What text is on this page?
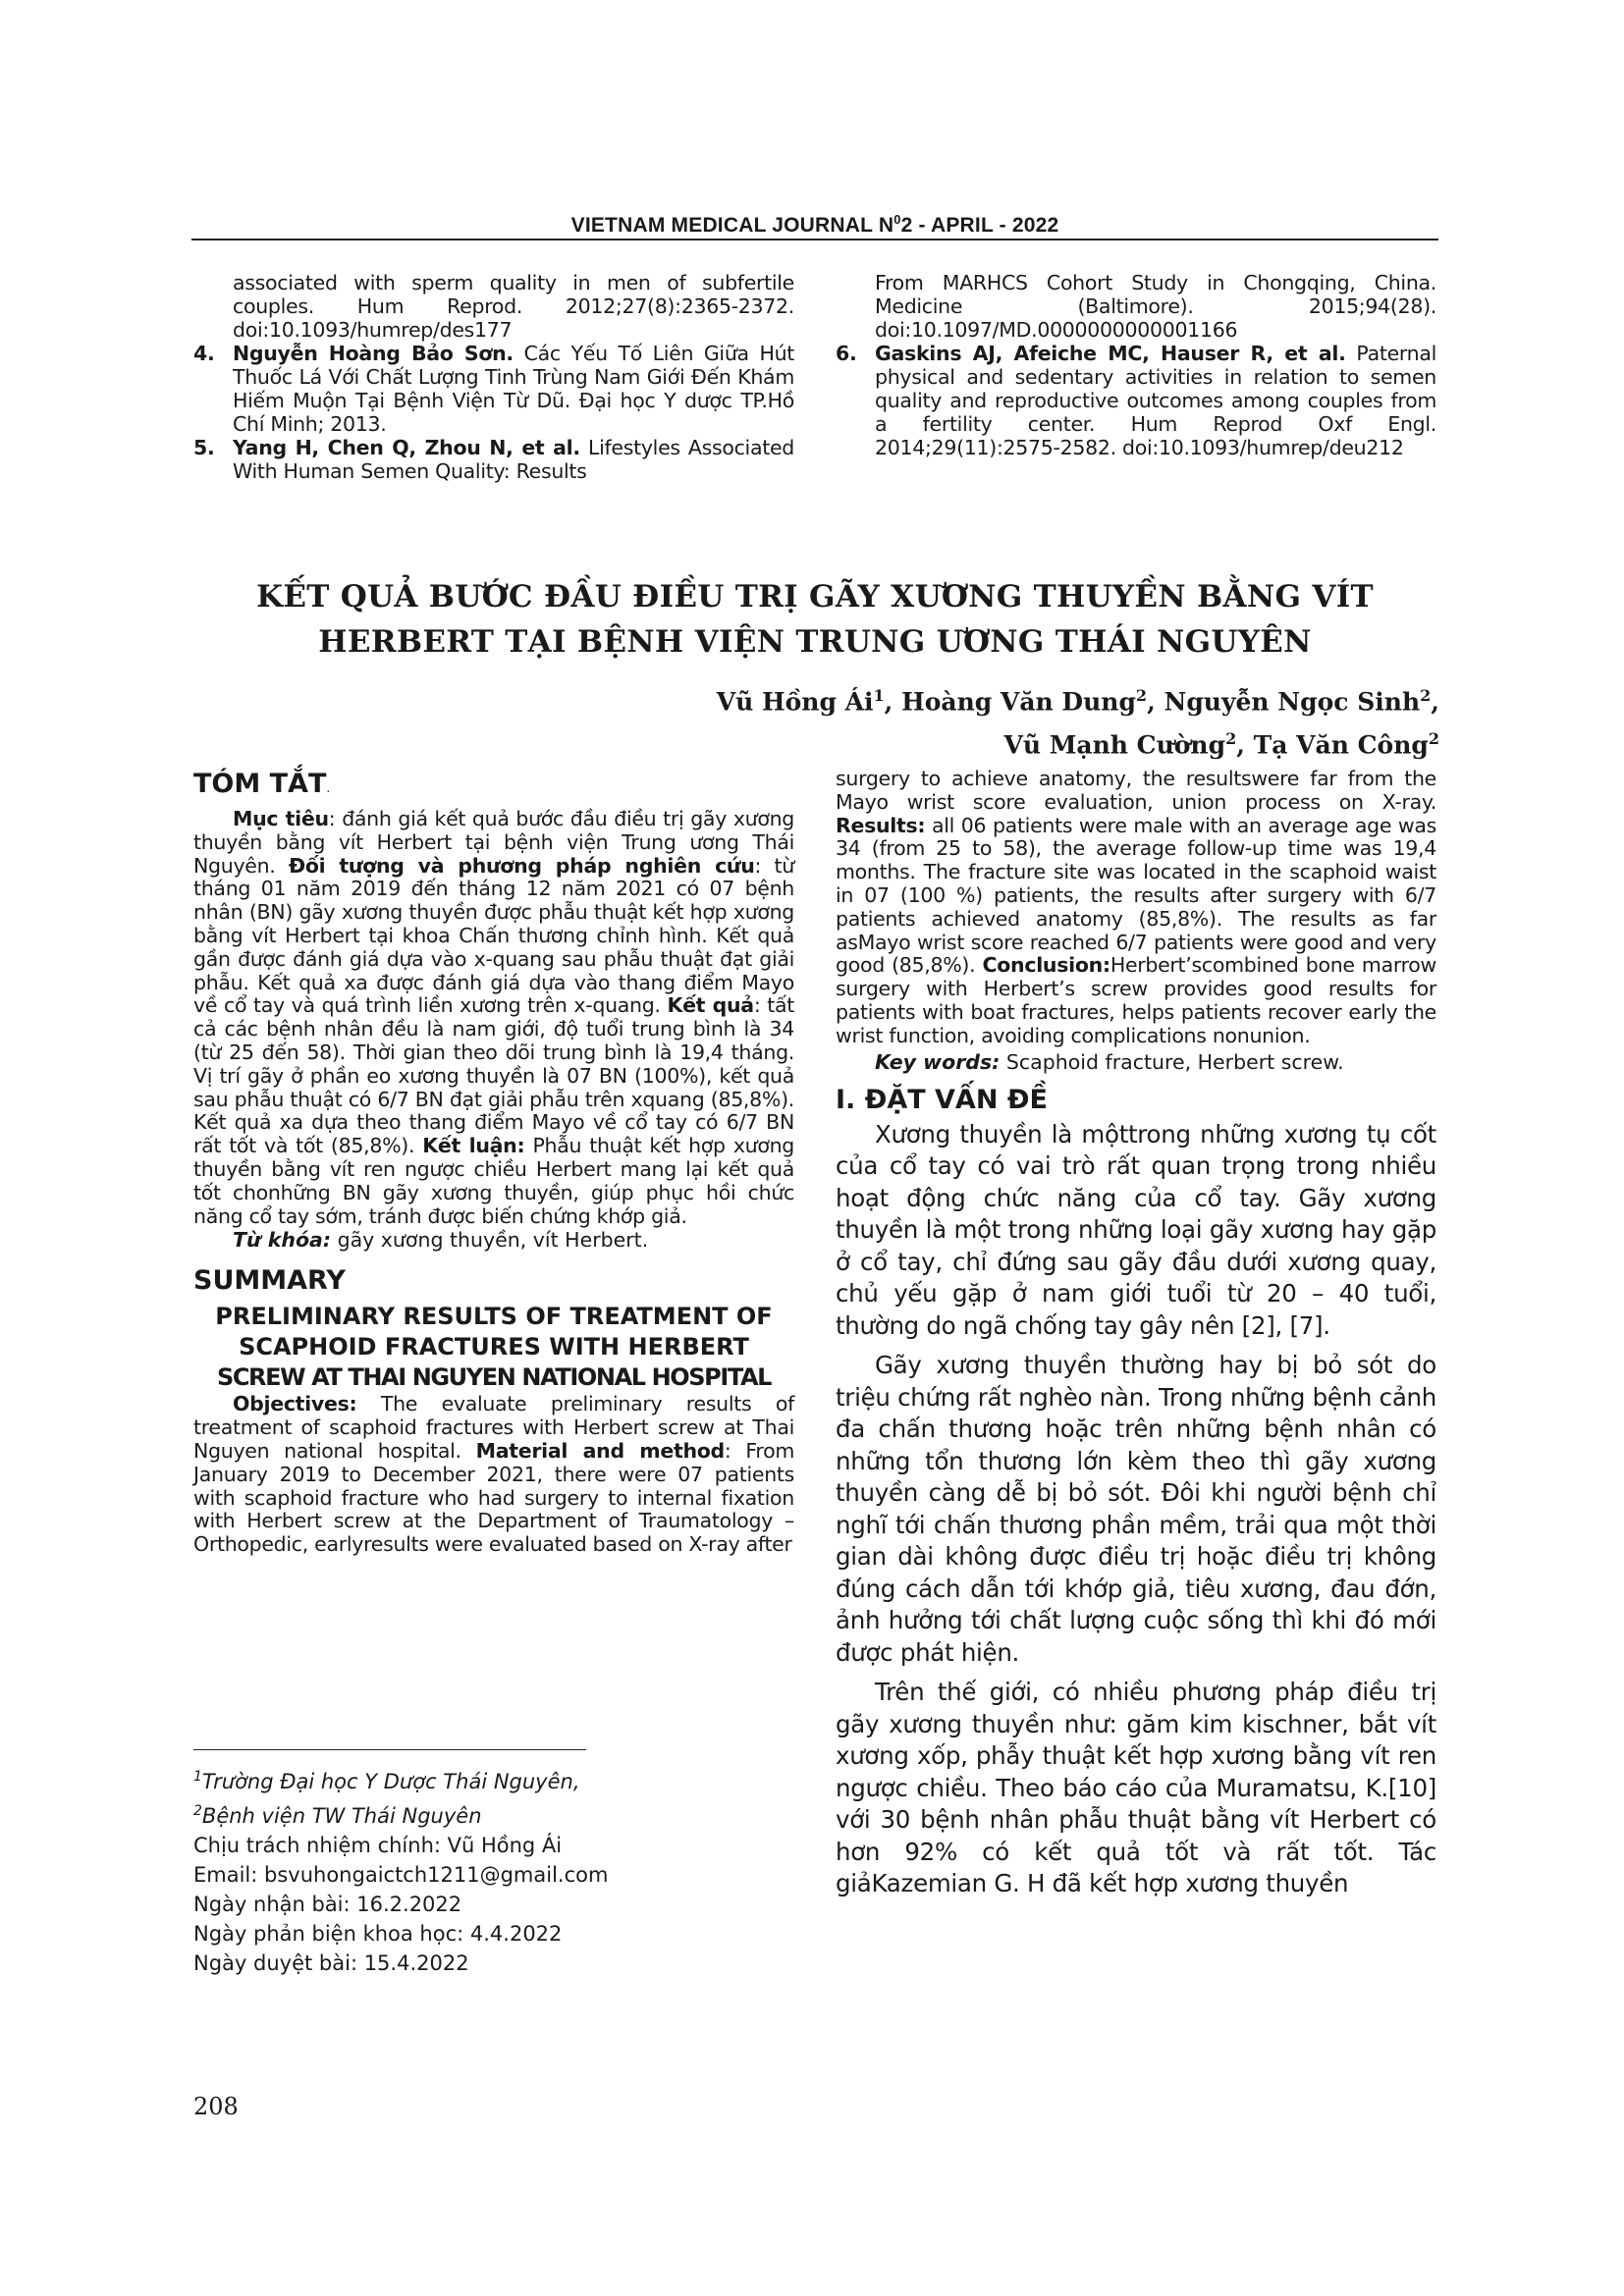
VIETNAM MEDICAL JOURNAL $N^02$ - APRIL - 2022

associated with sperm quality in men of subfertile couples. Hum Reprod. 2012;27(8):2365-2372. doi:10.1093/humrep/des177

4. Nguyễn Hoàng Bảo Sơn. Các Yếu Tố Liên Giữa Hút Thuốc Lá Với Chất Lượng Tinh Trùng Nam Giới Đến Khám Hiếm Muộn Tại Bệnh Viện Từ Dũ. Đại học Y dược TP.Hồ Chí Minh; 2013.
5. Yang H, Chen Q, Zhou N, et al. Lifestyles Associated With Human Semen Quality: Results

From MARHCS Cohort Study in Chongqing, China. Medicine (Baltimore). 2015;94(28). doi:10.1097/MD.0000000000001166

6. Gaskins AJ, Afeiche MC, Hauser R, et al. Paternal physical and sedentary activities in relation to semen quality and reproductive outcomes among couples from a fertility center. Hum Reprod Oxf Engl. 2014;29(11):2575-2582. doi:10.1093/humrep/deu212
KẾT QUẢ BƯỚC ĐẦU ĐIỀU TRỊ GÃY XƯƠNG THUYỀN BẰNG VÍT
HERBERT TẠI BỆNH VIỆN TRUNG ƯƠNG THÁI NGUYÊN
Vũ Hồng $Ái^1$, Hoàng Văn Dung$^2$, Nguyễn Ngọc Sinh$^2$,
Vũ Mạnh Cường$^2$, Tạ Văn Công$^2$
TÓM TẮT.

Mục tiêu: đánh giá kết quả bước đầu điều trị gãy xương thuyền bằng vít Herbert tại bệnh viện Trung ương Thái Nguyên. Đối tượng và phương pháp nghiên cứu: từ tháng 01 năm 2019 đến tháng 12 năm 2021 có 07 bệnh nhân (BN) gãy xương thuyền được phẫu thuật kết hợp xương bằng vít Herbert tại khoa Chấn thương chỉnh hình. Kết quả gần được đánh giá dựa vào x-quang sau phẫu thuật đạt giải phẫu. Kết quả xa được đánh giá dựa vào thang điểm Mayo về cổ tay và quá trình liền xương trên x-quang. Kết quả: tất cả các bệnh nhân đều là nam giới, độ tuổi trung bình là 34 (từ 25 đến 58). Thời gian theo dõi trung bình là 19,4 tháng. Vị trí gãy ở phần eo xương thuyền là 07 BN (100%), kết quả sau phẫu thuật có 6/7 BN đạt giải phẫu trên xquang (85,8%). Kết quả xa dựa theo thang điểm Mayo về cổ tay có 6/7 BN rất tốt và tốt (85,8%). Kết luận: Phẫu thuật kết hợp xương thuyền bằng vít ren ngược chiều Herbert mang lại kết quả tốt chonhững BN gãy xương thuyền, giúp phục hồi chức năng cổ tay sớm, tránh được biến chứng khớp giả.

Từ khóa: gãy xương thuyền, vít Herbert.

SUMMARY
PRELIMINARY RESULTS OF TREATMENT OF
SCAPHOID FRACTURES WITH HERBERT
SCREW AT THAI NGUYEN NATIONAL HOSPITAL

Objectives: The evaluate preliminary results of treatment of scaphoid fractures with Herbert screw at Thai Nguyen national hospital. Material and method: From January 2019 to December 2021, there were 07 patients with scaphoid fracture who had surgery to internal fixation with Herbert screw at the Department of Traumatology – Orthopedic, earlyresults were evaluated based on X-ray after

$^1$Trường Đại học Y Dược Thái Nguyên,
$^2$Bệnh viện TW Thái Nguyên
Chịu trách nhiệm chính: Vũ Hồng Ái
Email: bsvuhongaictch1211@gmail.com
Ngày nhận bài: 16.2.2022
Ngày phản biện khoa học: 4.4.2022
Ngày duyệt bài: 15.4.2022
208

surgery to achieve anatomy, the resultswere far from the Mayo wrist score evaluation, union process on X-ray. Results: all 06 patients were male with an average age was 34 (from 25 to 58), the average follow-up time was 19,4 months. The fracture site was located in the scaphoid waist in 07 (100 %) patients, the results after surgery with 6/7 patients achieved anatomy (85,8%). The results as far asMayo wrist score reached 6/7 patients were good and very good (85,8%). Conclusion:Herbert’scombined bone marrow surgery with Herbert’s screw provides good results for patients with boat fractures, helps patients recover early the wrist function, avoiding complications nonunion.

Key words: Scaphoid fracture, Herbert screw.

I. ĐẶT VẤN ĐỀ

Xương thuyền là mộttrong những xương tụ cốt của cổ tay có vai trò rất quan trọng trong nhiều hoạt động chức năng của cổ tay. Gãy xương thuyền là một trong những loại gãy xương hay gặp ở cổ tay, chỉ đứng sau gãy đầu dưới xương quay, chủ yếu gặp ở nam giới tuổi từ 20 – 40 tuổi, thường do ngã chống tay gây nên [2], [7].

Gãy xương thuyền thường hay bị bỏ sót do triệu chứng rất nghèo nàn. Trong những bệnh cảnh đa chấn thương hoặc trên những bệnh nhân có những tổn thương lớn kèm theo thì gãy xương thuyền càng dễ bị bỏ sót. Đôi khi người bệnh chỉ nghĩ tới chấn thương phần mềm, trải qua một thời gian dài không được điều trị hoặc điều trị không đúng cách dẫn tới khớp giả, tiêu xương, đau đớn, ảnh hưởng tới chất lượng cuộc sống thì khi đó mới được phát hiện.

Trên thế giới, có nhiều phương pháp điều trị gãy xương thuyền như: găm kim kischner, bắt vít xương xốp, phẫy thuật kết hợp xương bằng vít ren ngược chiều. Theo báo cáo của Muramatsu, K.[10] với 30 bệnh nhân phẫu thuật bằng vít Herbert có hơn 92% có kết quả tốt và rất tốt. Tác giảKazemian G. H đã kết hợp xương thuyền
